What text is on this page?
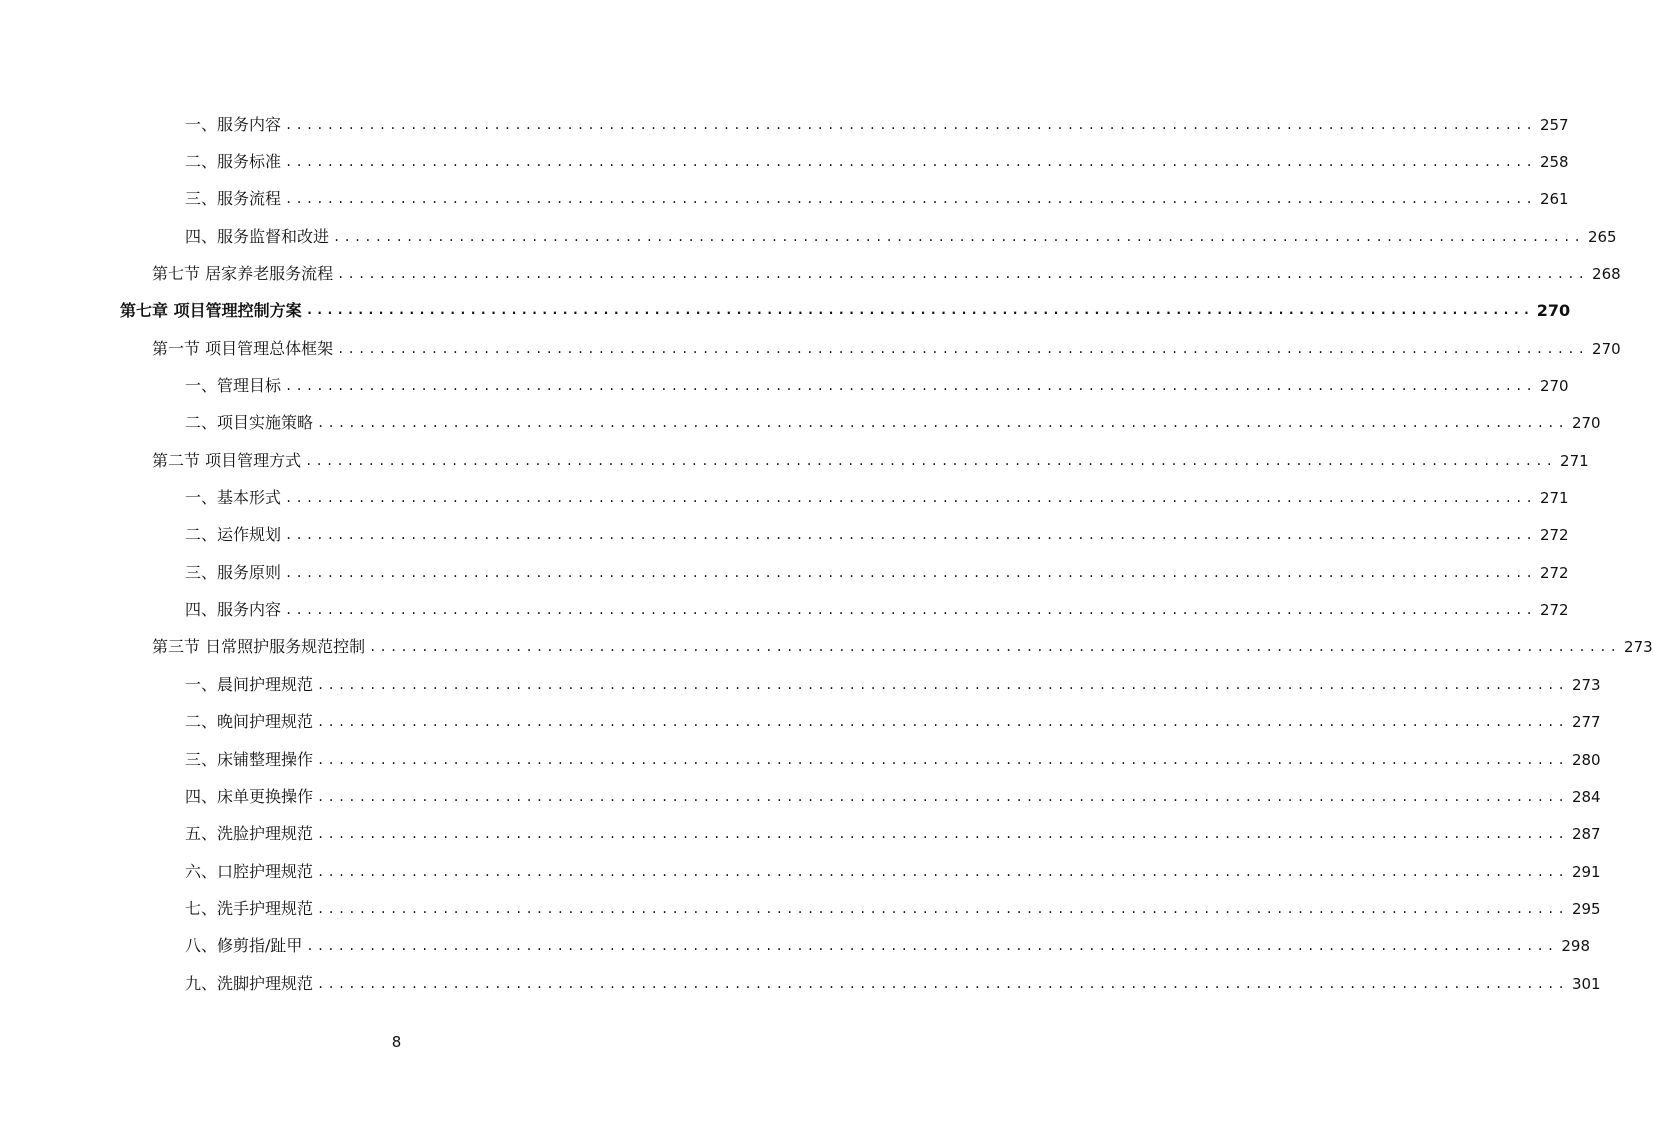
一、服务内容 ........................................................................................................................ 257
二、服务标准 ........................................................................................................................ 258
三、服务流程 ........................................................................................................................ 261
四、服务监督和改进 ........................................................................................................................ 265
第七节 居家养老服务流程 ........................................................................................................................ 268
第七章 项目管理控制方案 ........................................................................................................................ 270
第一节 项目管理总体框架 ........................................................................................................................ 270
一、管理目标 ........................................................................................................................ 270
二、项目实施策略 ........................................................................................................................ 270
第二节 项目管理方式 ........................................................................................................................ 271
一、基本形式 ........................................................................................................................ 271
二、运作规划 ........................................................................................................................ 272
三、服务原则 ........................................................................................................................ 272
四、服务内容 ........................................................................................................................ 272
第三节 日常照护服务规范控制 ........................................................................................................................ 273
一、晨间护理规范 ........................................................................................................................ 273
二、晚间护理规范 ........................................................................................................................ 277
三、床铺整理操作 ........................................................................................................................ 280
四、床单更换操作 ........................................................................................................................ 284
五、洗脸护理规范 ........................................................................................................................ 287
六、口腔护理规范 ........................................................................................................................ 291
七、洗手护理规范 ........................................................................................................................ 295
八、修剪指/趾甲 ........................................................................................................................ 298
九、洗脚护理规范 ........................................................................................................................ 301
8
